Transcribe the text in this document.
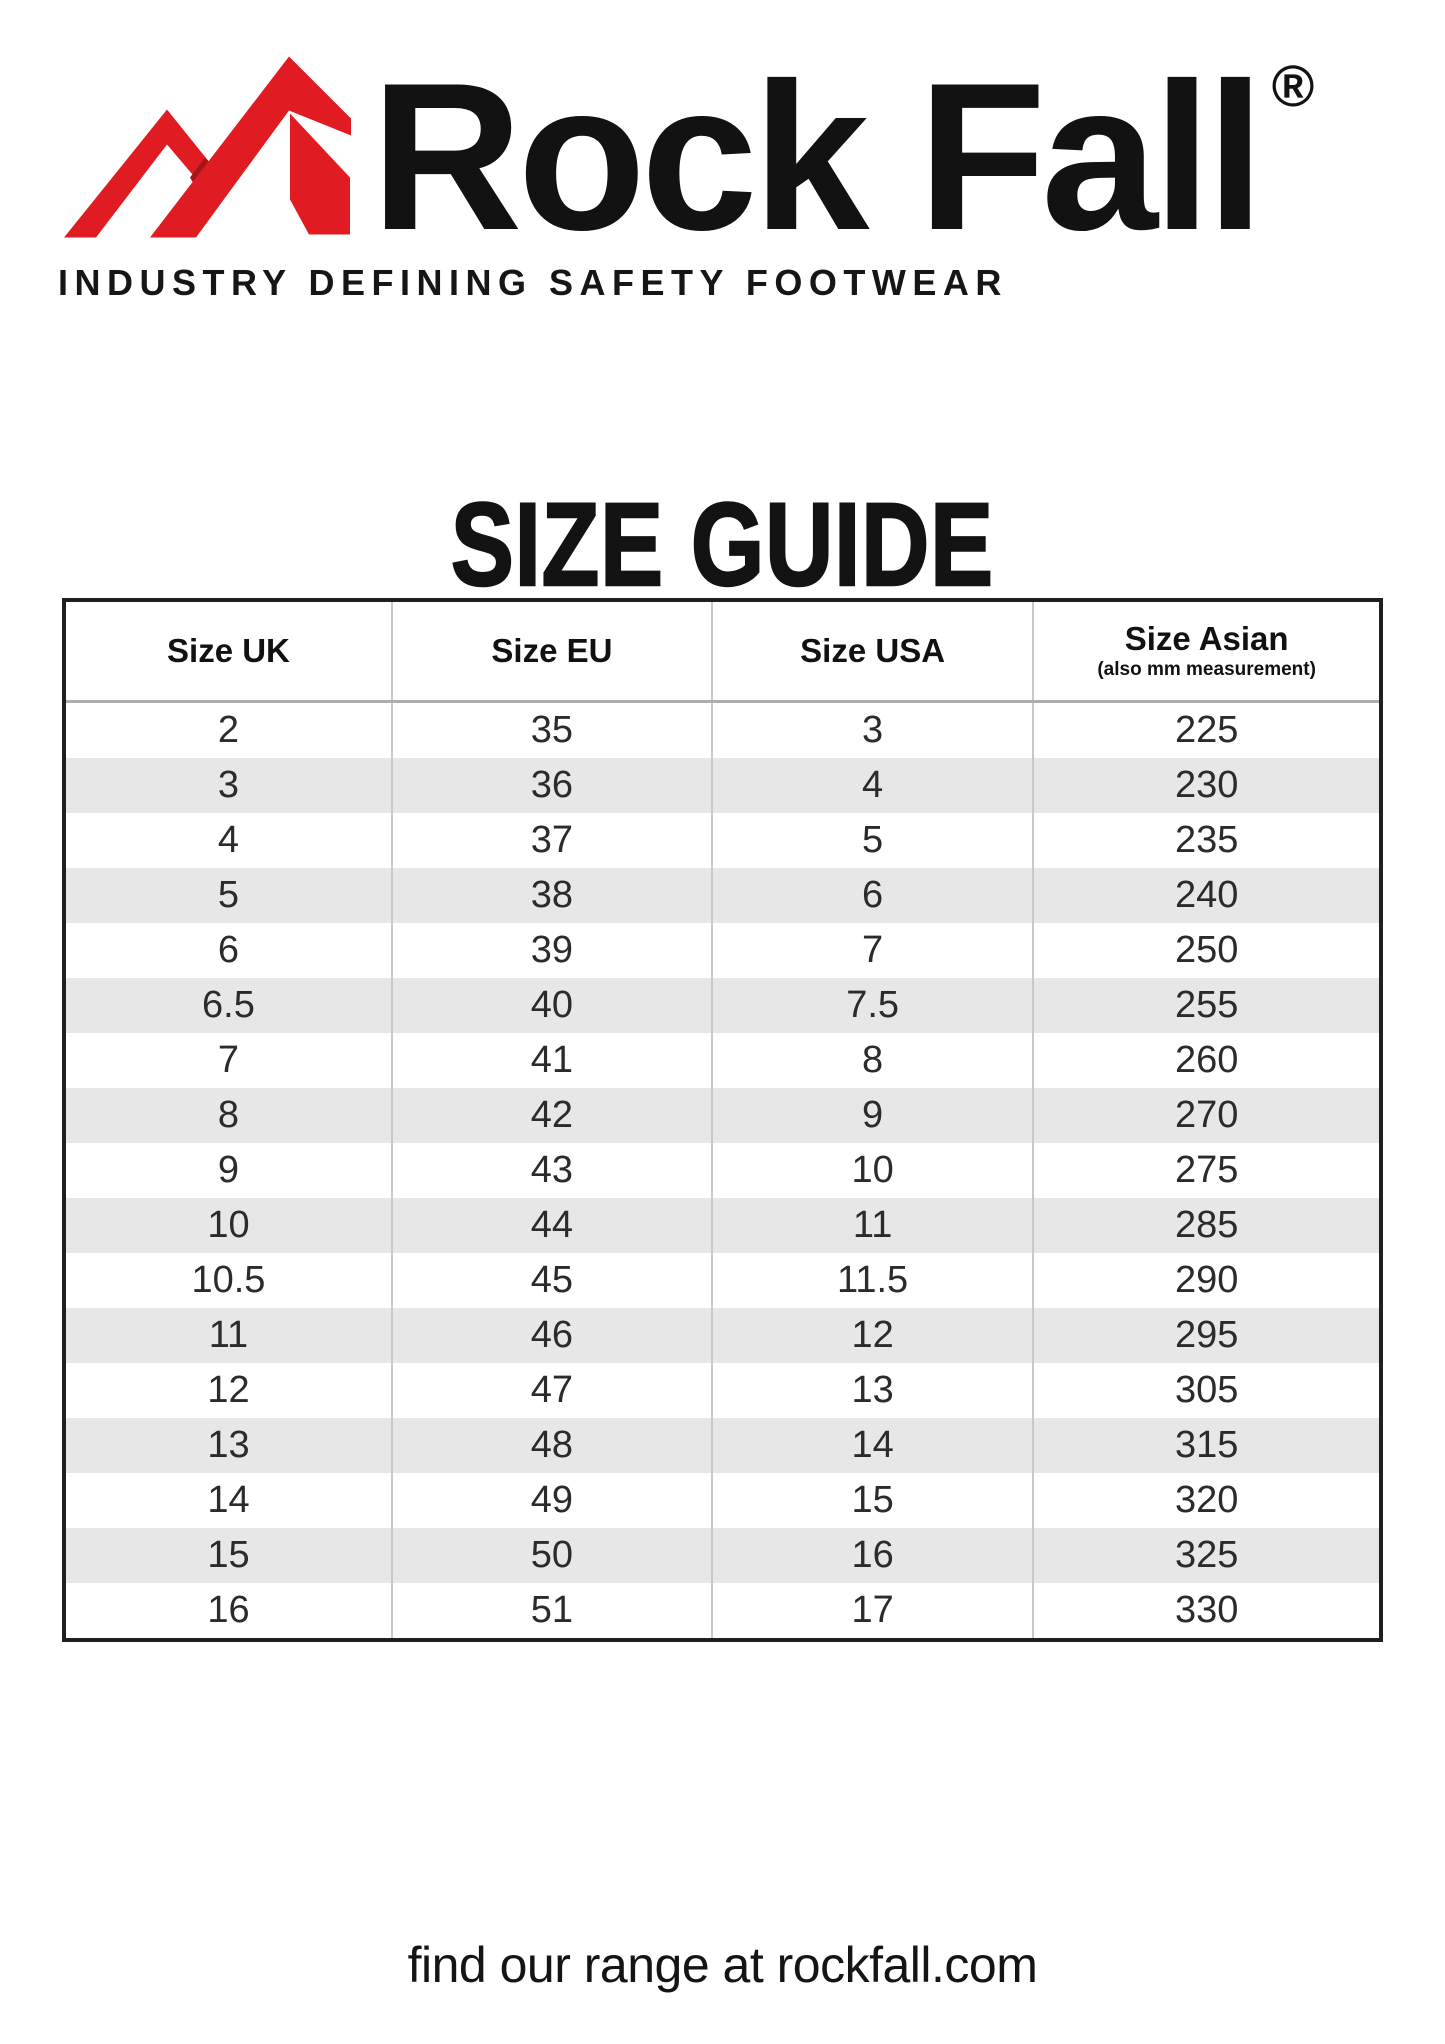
Rock Fall ®
INDUSTRY DEFINING SAFETY FOOTWEAR
SIZE GUIDE
Size UK	Size EU	Size USA	Size Asian
(also mm measurement)

2	35	3	225
3	36	4	230
4	37	5	235
5	38	6	240
6	39	7	250
6.5	40	7.5	255
7	41	8	260
8	42	9	270
9	43	10	275
10	44	11	285
10.5	45	11.5	290
11	46	12	295
12	47	13	305
13	48	14	315
14	49	15	320
15	50	16	325
16	51	17	330
find our range at rockfall.com
